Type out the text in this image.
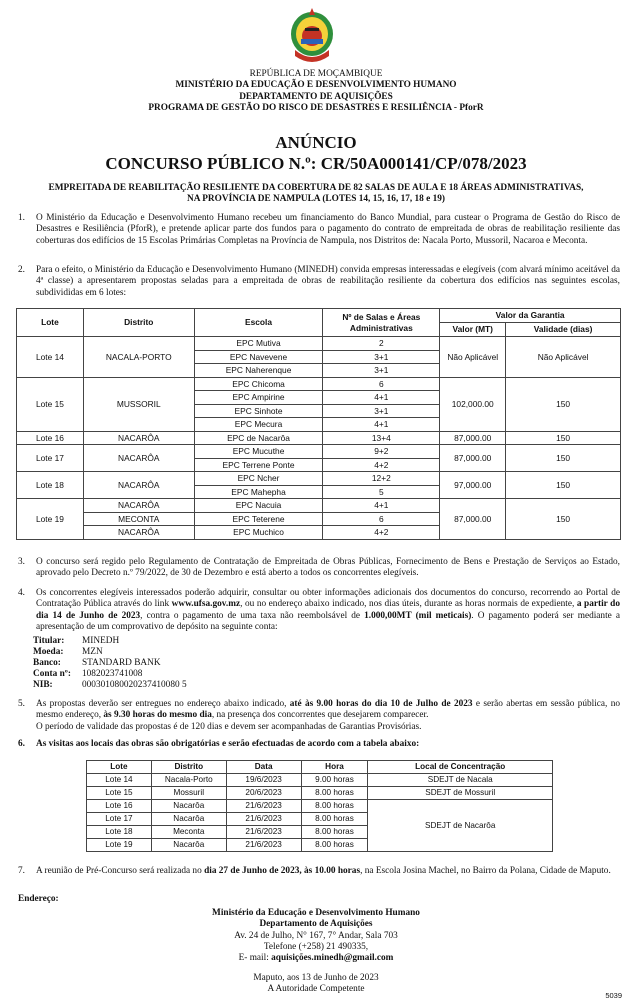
REPÚBLICA DE MOÇAMBIQUE
MINISTÉRIO DA EDUCAÇÃO E DESENVOLVIMENTO HUMANO
DEPARTAMENTO DE AQUISIÇÕES
PROGRAMA DE GESTÃO DO RISCO DE DESASTRES E RESILIÊNCIA - PforR
ANÚNCIO
CONCURSO PÚBLICO N.º: CR/50A000141/CP/078/2023
EMPREITADA DE REABILITAÇÃO RESILIENTE DA COBERTURA DE 82 SALAS DE AULA E 18 ÁREAS ADMINISTRATIVAS,
NA PROVÍNCIA DE NAMPULA (LOTES 14, 15, 16, 17, 18 e 19)
1. O Ministério da Educação e Desenvolvimento Humano recebeu um financiamento do Banco Mundial, para custear o Programa de Gestão do Risco de Desastres e Resiliência (PforR), e pretende aplicar parte dos fundos para o pagamento do contrato de empreitada de obras de reabilitação resiliente das coberturas dos edifícios de 15 Escolas Primárias Completas na Província de Nampula, nos Distritos de: Nacala Porto, Mussoril, Nacaroa e Meconta.
2. Para o efeito, o Ministério da Educação e Desenvolvimento Humano (MINEDH) convida empresas interessadas e elegíveis (com alvará mínimo aceitável da 4ª classe) a apresentarem propostas seladas para a empreitada de obras de reabilitação resiliente da cobertura dos edifícios nas seguintes escolas, subdivididas em 6 lotes:
Lote	Distrito	Escola	Nº de Salas e Áreas Administrativas	Valor da Garantia	
				Valor (MT)	Validade (dias)
Lote 14	NACALA-PORTO	EPC Mutiva	2	Não Aplicável	Não Aplicável
		EPC Navevene	3+1		
		EPC Naherenque	3+1		
Lote 15	MUSSORIL	EPC Chicoma	6	102,000.00	150
		EPC Ampirine	4+1		
		EPC Sinhote	3+1		
		EPC Mecura	4+1		
Lote 16	NACARÔA	EPC de Nacarôa	13+4	87,000.00	150
Lote 17	NACARÔA	EPC Mucuthe	9+2	87,000.00	150
		EPC Terrene Ponte	4+2		
Lote 18	NACARÔA	EPC Ncher	12+2	97,000.00	150
		EPC Mahepha	5		
Lote 19	NACARÔA	EPC Nacuia	4+1	87,000.00	150
	MECONTA	EPC Teterene	6		
	NACARÔA	EPC Muchico	4+2		
3. O concurso será regido pelo Regulamento de Contratação de Empreitada de Obras Públicas, Fornecimento de Bens e Prestação de Serviços ao Estado, aprovado pelo Decreto n.º 79/2022, de 30 de Dezembro e está aberto a todos os concorrentes elegíveis.
4. Os concorrentes elegíveis interessados poderão adquirir, consultar ou obter informações adicionais dos documentos do concurso, recorrendo ao Portal de Contratação Pública através do link www.ufsa.gov.mz, ou no endereço abaixo indicado, nos dias úteis, durante as horas normais de expediente, a partir do dia 14 de Junho de 2023, contra o pagamento de uma taxa não reembolsável de 1.000,00MT (mil meticais). O pagamento poderá ser mediante a apresentação de um comprovativo de depósito na seguinte conta:
Titular: MINEDH
Moeda: MZN
Banco: STANDARD BANK
Conta nº: 1082023741008
NIB:	000301080020237410080 5
5. As propostas deverão ser entregues no endereço abaixo indicado, até às 9.00 horas do dia 10 de Julho de 2023 e serão abertas em sessão pública, no mesmo endereço, às 9.30 horas do mesmo dia, na presença dos concorrentes que desejarem comparecer.
O período de validade das propostas é de 120 dias e devem ser acompanhadas de Garantias Provisórias.
6. As visitas aos locais das obras são obrigatórias e serão efectuadas de acordo com a tabela abaixo:
Lote	Distrito	Data	Hora	Local de Concentração
Lote 14	Nacala-Porto	19/6/2023	9.00 horas	SDEJT de Nacala
Lote 15	Mossuril	20/6/2023	8.00 horas	SDEJT de Mossuril
Lote 16	Nacarôa	21/6/2023	8.00 horas	SDEJT de Nacarôa
Lote 17	Nacarôa	21/6/2023	8.00 horas	
Lote 18	Meconta	21/6/2023	8.00 horas	
Lote 19	Nacarôa	21/6/2023	8.00 horas	
7. A reunião de Pré-Concurso será realizada no dia 27 de Junho de 2023, às 10.00 horas, na Escola Josina Machel, no Bairro da Polana, Cidade de Maputo.
Endereço:
Ministério da Educação e Desenvolvimento Humano
Departamento de Aquisições
Av. 24 de Julho, N° 167, 7° Andar, Sala 703
Telefone (+258) 21 490335,
E- mail: aquisições.minedh@gmail.com
Maputo, aos 13 de Junho de 2023
A Autoridade Competente
5039
